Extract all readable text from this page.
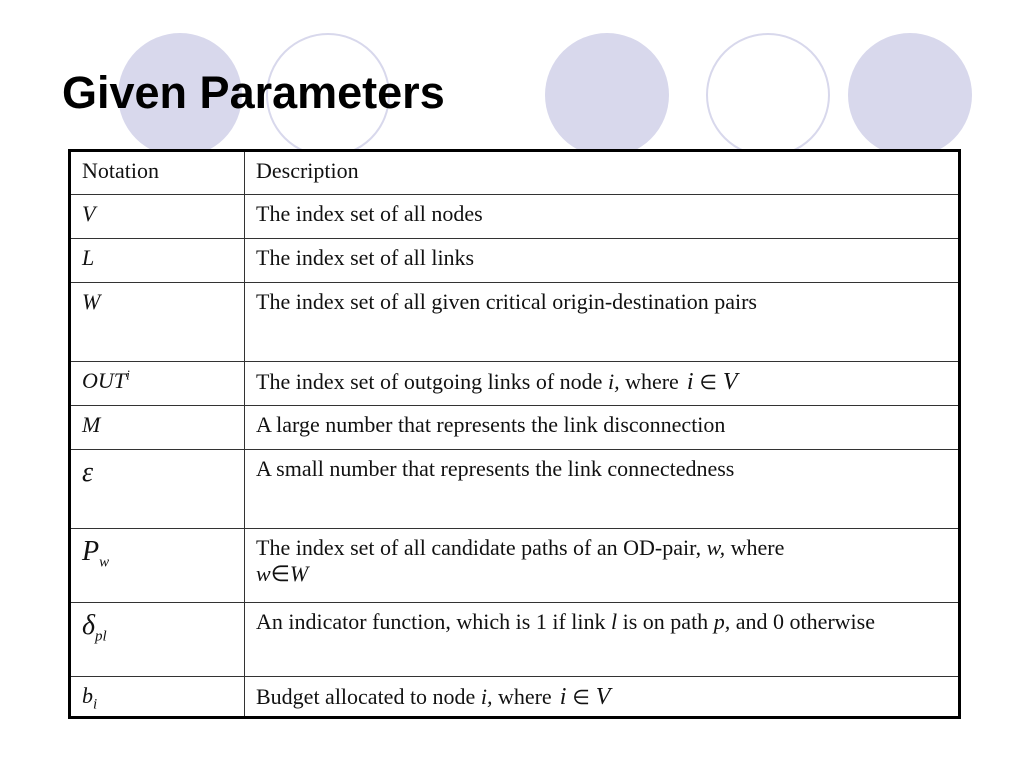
Given Parameters
Notation	Description
V	The index set of all nodes
L	The index set of all links
W	The index set of all given critical origin-destination pairs
OUT$^i$	The index set of outgoing links of node i, where i ∈ V
M	A large number that represents the link disconnection
ε	A small number that represents the link connectedness
$P_w$	The index set of all candidate paths of an OD-pair, w, where
w∈W
$\delta_{pl}$	An indicator function, which is 1 if link l is on path p, and 0 otherwise
$b_i$	Budget allocated to node i, where i ∈ V
